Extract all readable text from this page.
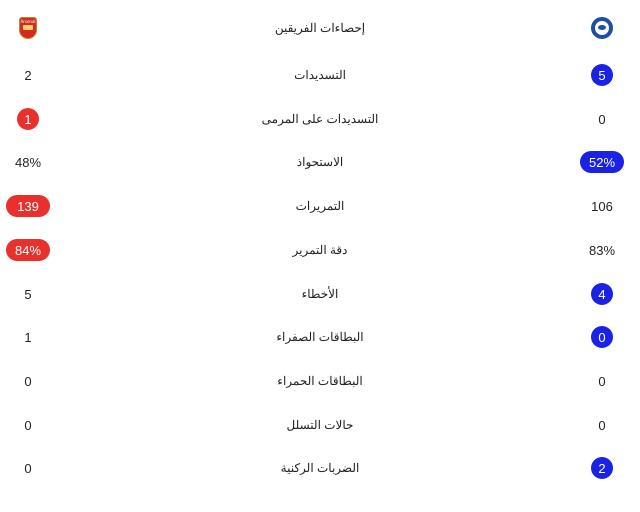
Arsenal	إحصاءات الفريقين
2	التسديدات	5
1	التسديدات على المرمى	0
48%	الاستحواذ	52%
139	التمريرات	106
84%	دقة التمرير	83%
5	الأخطاء	4
1	البطاقات الصفراء	0
0	البطاقات الحمراء	0
0	حالات التسلل	0
0	الضربات الركنية	2
